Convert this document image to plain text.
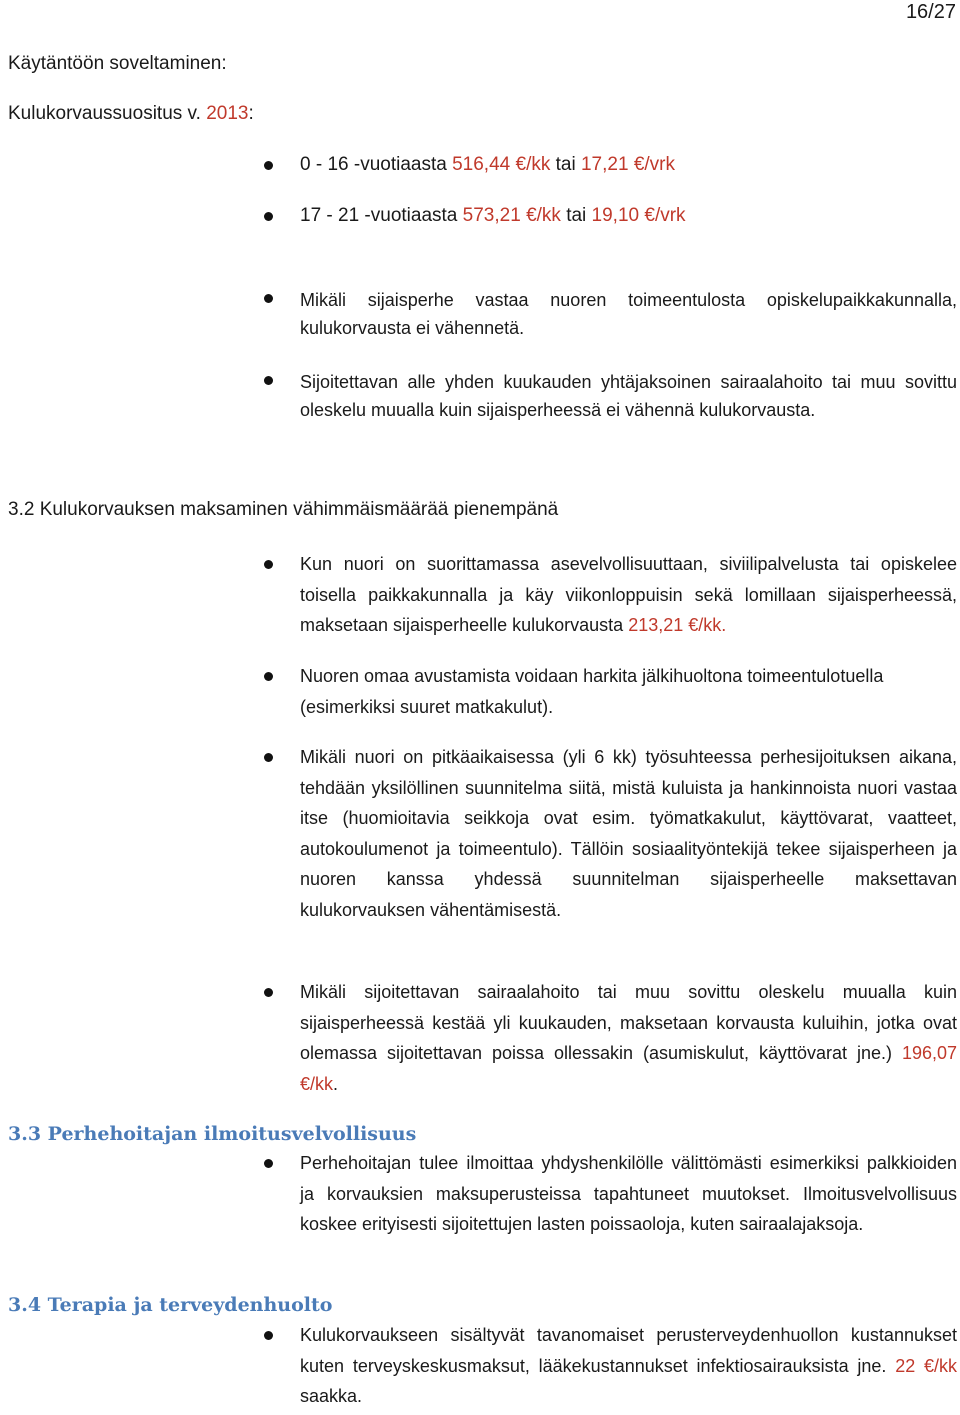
16/27
Käytäntöön soveltaminen:
Kulukorvaussuositus v. 2013:
0 - 16 -vuotiaasta 516,44 €/kk tai 17,21 €/vrk
17 - 21 -vuotiaasta 573,21 €/kk tai 19,10 €/vrk
Mikäli sijaisperhe vastaa nuoren toimeentulosta opiskelupaikkakunnalla, kulukorvausta ei vähennetä.
Sijoitettavan alle yhden kuukauden yhtäjaksoinen sairaalahoito tai muu sovittu oleskelu muualla kuin sijaisperheessä ei vähennä kulukorvausta.
3.2 Kulukorvauksen maksaminen vähimmäismäärää pienempänä
Kun nuori on suorittamassa asevelvollisuuttaan, siviilipalvelusta tai opiskelee toisella paikkakunnalla ja käy viikonloppuisin sekä lomillaan sijaisperheessä, maksetaan sijaisperheelle kulukorvausta 213,21 €/kk.
Nuoren omaa avustamista voidaan harkita jälkihuoltona toimeentulotuella (esimerkiksi suuret matkakulut).
Mikäli nuori on pitkäaikaisessa (yli 6 kk) työsuhteessa perhesijoituksen aikana, tehdään yksilöllinen suunnitelma siitä, mistä kuluista ja hankinnoista nuori vastaa itse (huomioitavia seikkoja ovat esim. työmatkakulut, käyttövarat, vaatteet, autokoulumenot ja toimeentulo). Tällöin sosiaalityöntekijä tekee sijaisperheen ja nuoren kanssa yhdessä suunnitelman sijaisperheelle maksettavan kulukorvauksen vähentämisestä.
Mikäli sijoitettavan sairaalahoito tai muu sovittu oleskelu muualla kuin sijaisperheessä kestää yli kuukauden, maksetaan korvausta kuluihin, jotka ovat olemassa sijoitettavan poissa ollessakin (asumiskulut, käyttövarat jne.) 196,07 €/kk.
3.3 Perhehoitajan ilmoitusvelvollisuus
Perhehoitajan tulee ilmoittaa yhdyshenkilölle välittömästi esimerkiksi palkkioiden ja korvauksien maksuperusteissa tapahtuneet muutokset. Ilmoitusvelvollisuus koskee erityisesti sijoitettujen lasten poissaoloja, kuten sairaalajaksoja.
3.4 Terapia ja terveydenhuolto
Kulukorvaukseen sisältyvät tavanomaiset perusterveydenhuollon kustannukset kuten terveyskeskusmaksut, lääkekustannukset infektiosairauksista jne. 22 €/kk saakka.
